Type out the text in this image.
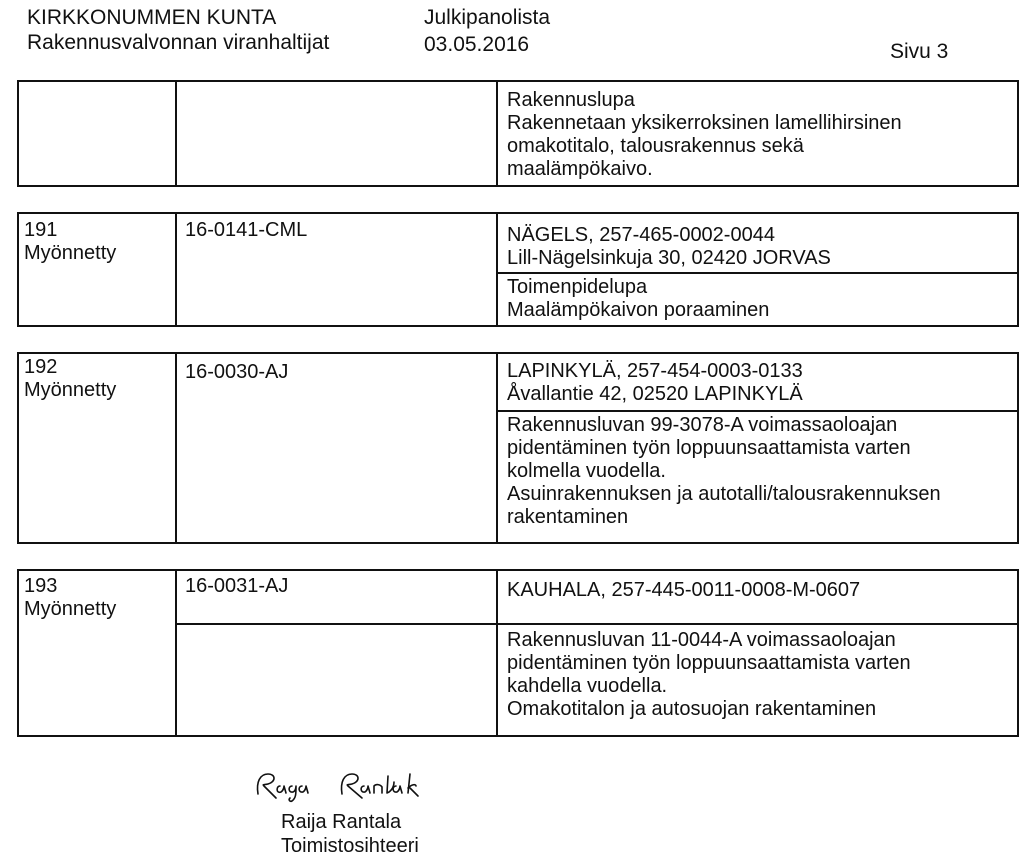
KIRKKONUMMEN KUNTA
Rakennusvalvonnan viranhaltijat
Julkipanolista
03.05.2016	Sivu 3
Rakennuslupa
Rakennetaan yksikerroksinen lamellihirsinen
omakotitalo, talousrakennus sekä
maalämpökaivo.
191
Myönnetty
16-0141-CML	NÄGELS, 257-465-0002-0044
Lill-Nägelsinkuja 30, 02420 JORVAS
Toimenpidelupa
Maalämpökaivon poraaminen
192
Myönnetty
16-0030-AJ	LAPINKYLÄ, 257-454-0003-0133
Åvallantie 42, 02520 LAPINKYLÄ
Rakennusluvan 99-3078-A voimassaoloajan
pidentäminen työn loppuunsaattamista varten
kolmella vuodella.
Asuinrakennuksen ja autotalli/talousrakennuksen
rakentaminen
193
Myönnetty
16-0031-AJ	KAUHALA, 257-445-0011-0008-M-0607
Rakennusluvan 11-0044-A voimassaoloajan
pidentäminen työn loppuunsaattamista varten
kahdella vuodella.
Omakotitalon ja autosuojan rakentaminen
Raija Rantala
Toimistosihteeri
